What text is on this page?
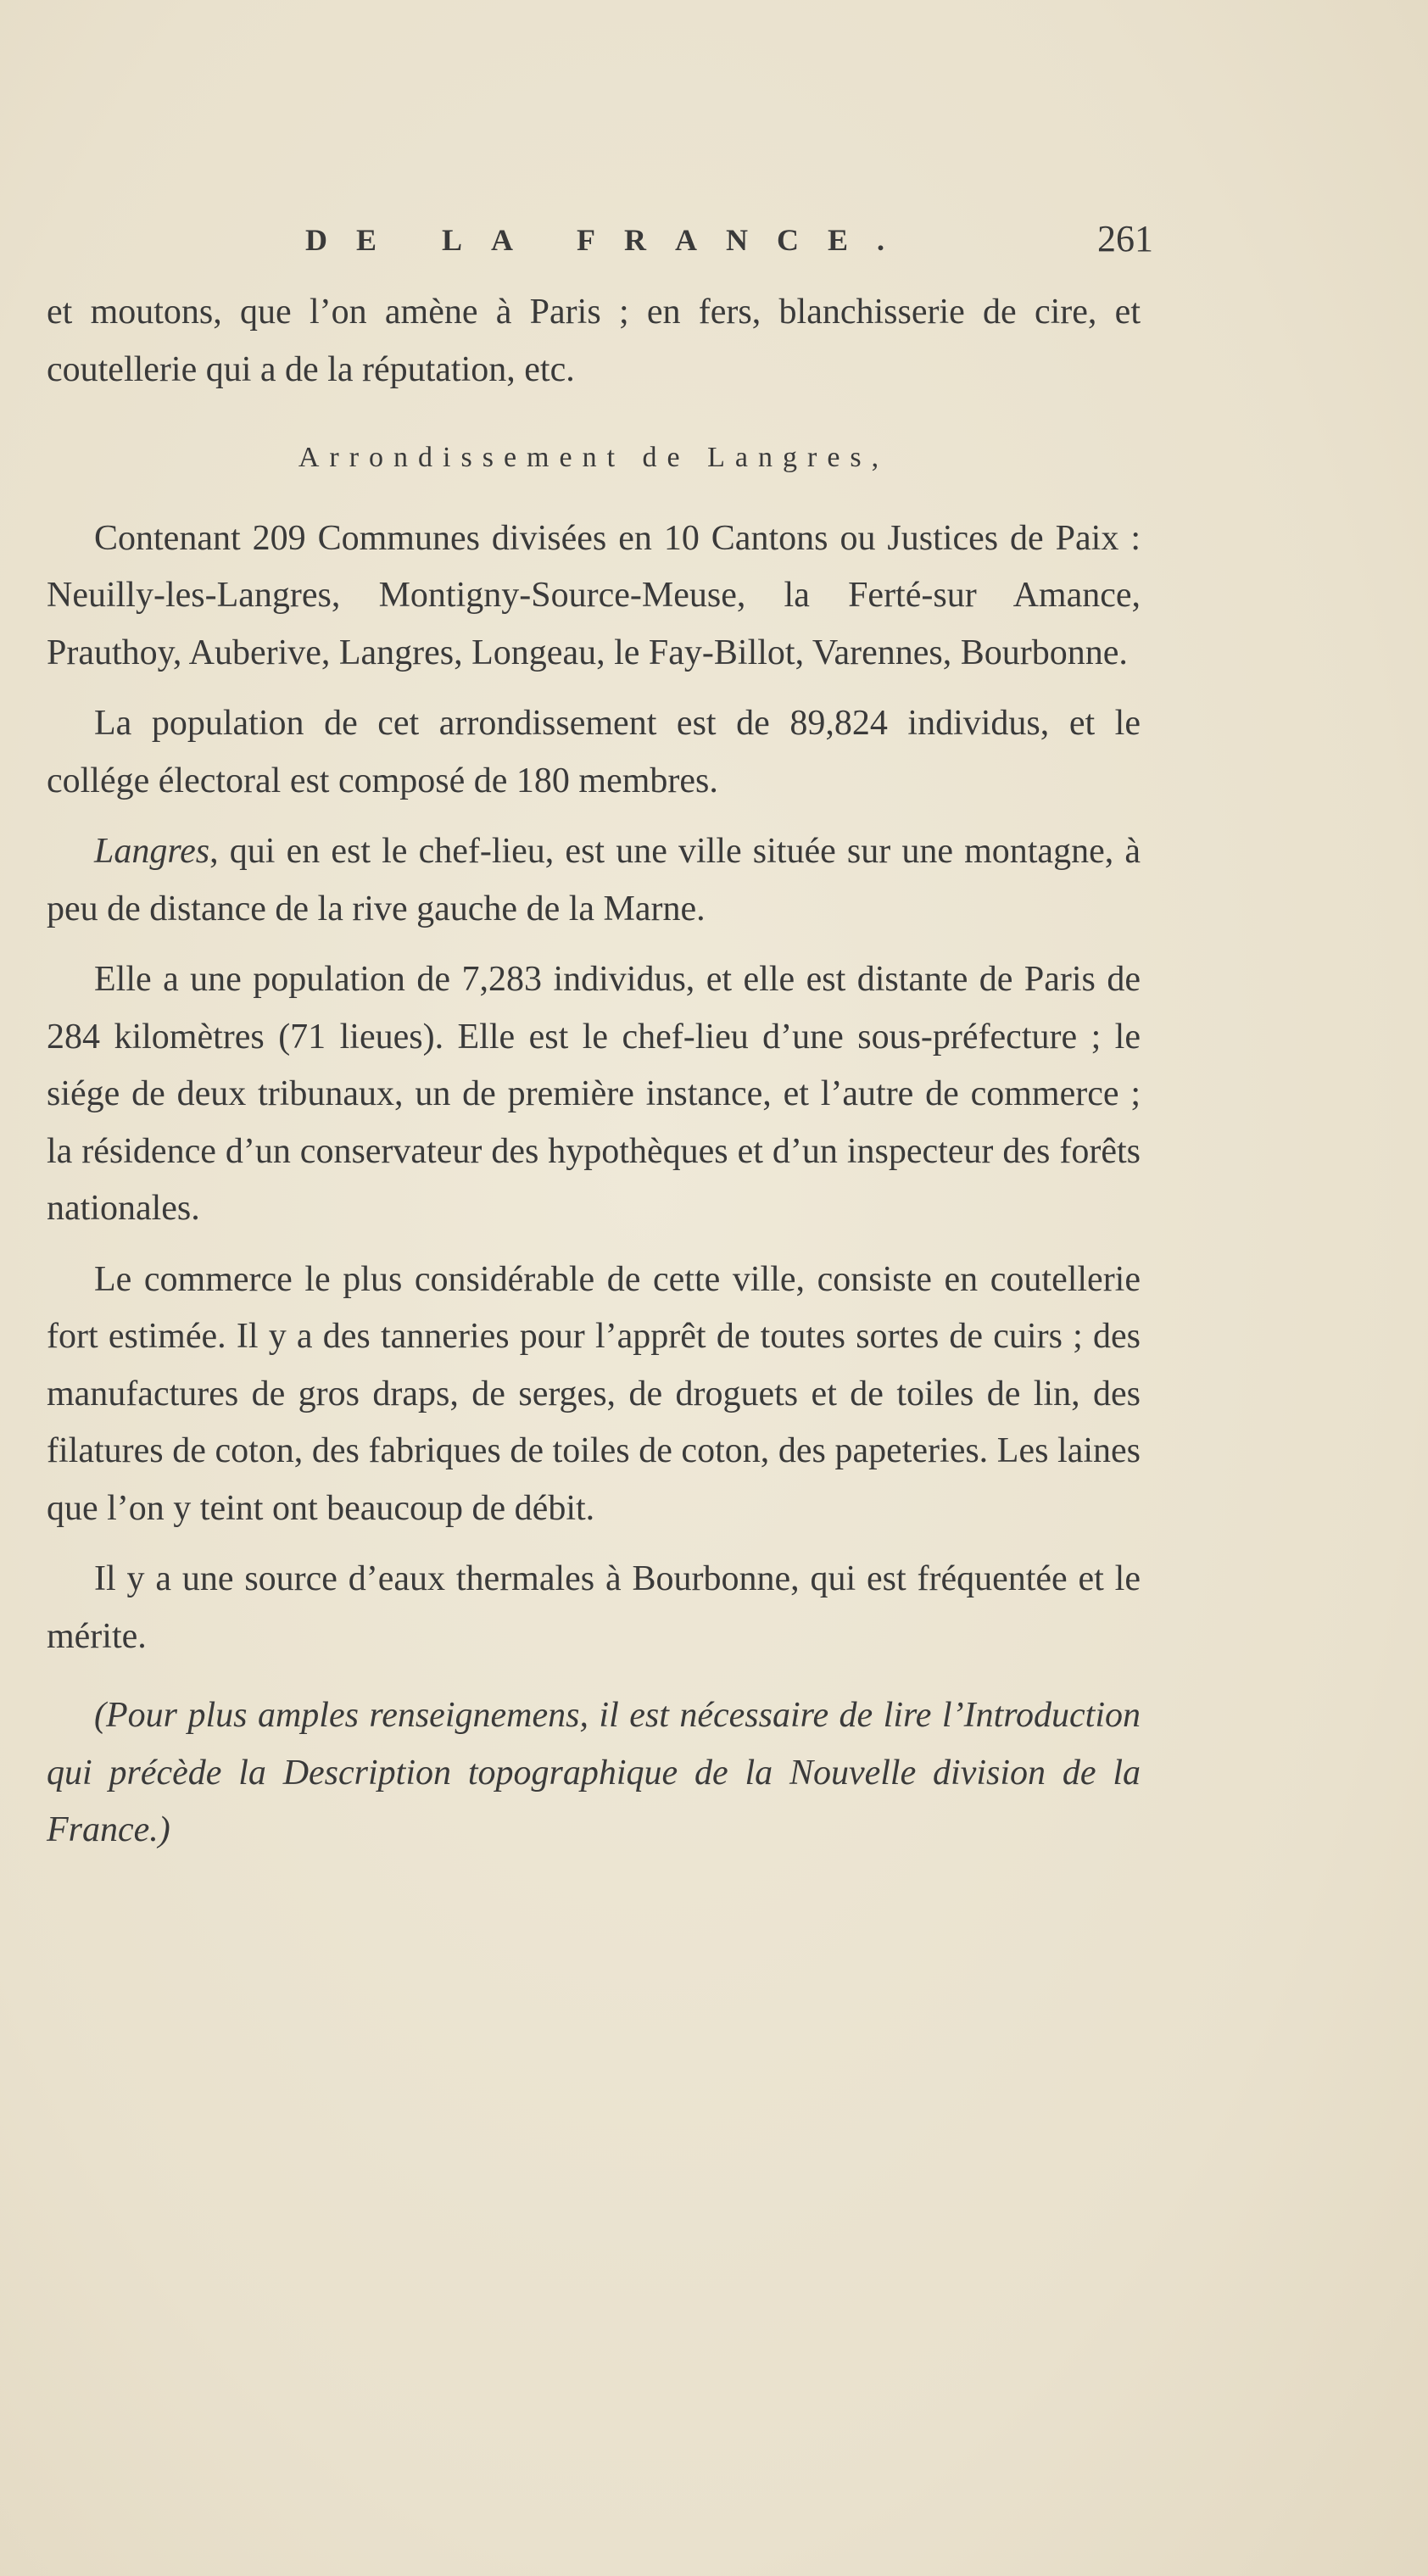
DE LA FRANCE.	261

et moutons, que l’on amène à Paris ; en fers, blanchisserie de cire, et coutellerie qui a de la réputation, etc.

Arrondissement de Langres,

Contenant 209 Communes divisées en 10 Cantons ou Justices de Paix : Neuilly-les-Langres, Montigny-Source-Meuse, la Ferté-sur Amance, Prauthoy, Auberive, Langres, Longeau, le Fay-Billot, Varennes, Bourbonne.

La population de cet arrondissement est de 89,824 individus, et le collége électoral est composé de 180 membres.

Langres, qui en est le chef-lieu, est une ville située sur une montagne, à peu de distance de la rive gauche de la Marne.

Elle a une population de 7,283 individus, et elle est distante de Paris de 284 kilomètres (71 lieues). Elle est le chef-lieu d’une sous-préfecture ; le siége de deux tribunaux, un de première instance, et l’autre de commerce ; la résidence d’un conservateur des hypothèques et d’un inspecteur des forêts nationales.

Le commerce le plus considérable de cette ville, consiste en coutellerie fort estimée. Il y a des tanneries pour l’apprêt de toutes sortes de cuirs ; des manufactures de gros draps, de serges, de droguets et de toiles de lin, des filatures de coton, des fabriques de toiles de coton, des papeteries. Les laines que l’on y teint ont beaucoup de débit.

Il y a une source d’eaux thermales à Bourbonne, qui est fréquentée et le mérite.

(Pour plus amples renseignemens, il est nécessaire de lire l’Introduction qui précède la Description topographique de la Nouvelle division de la France.)
